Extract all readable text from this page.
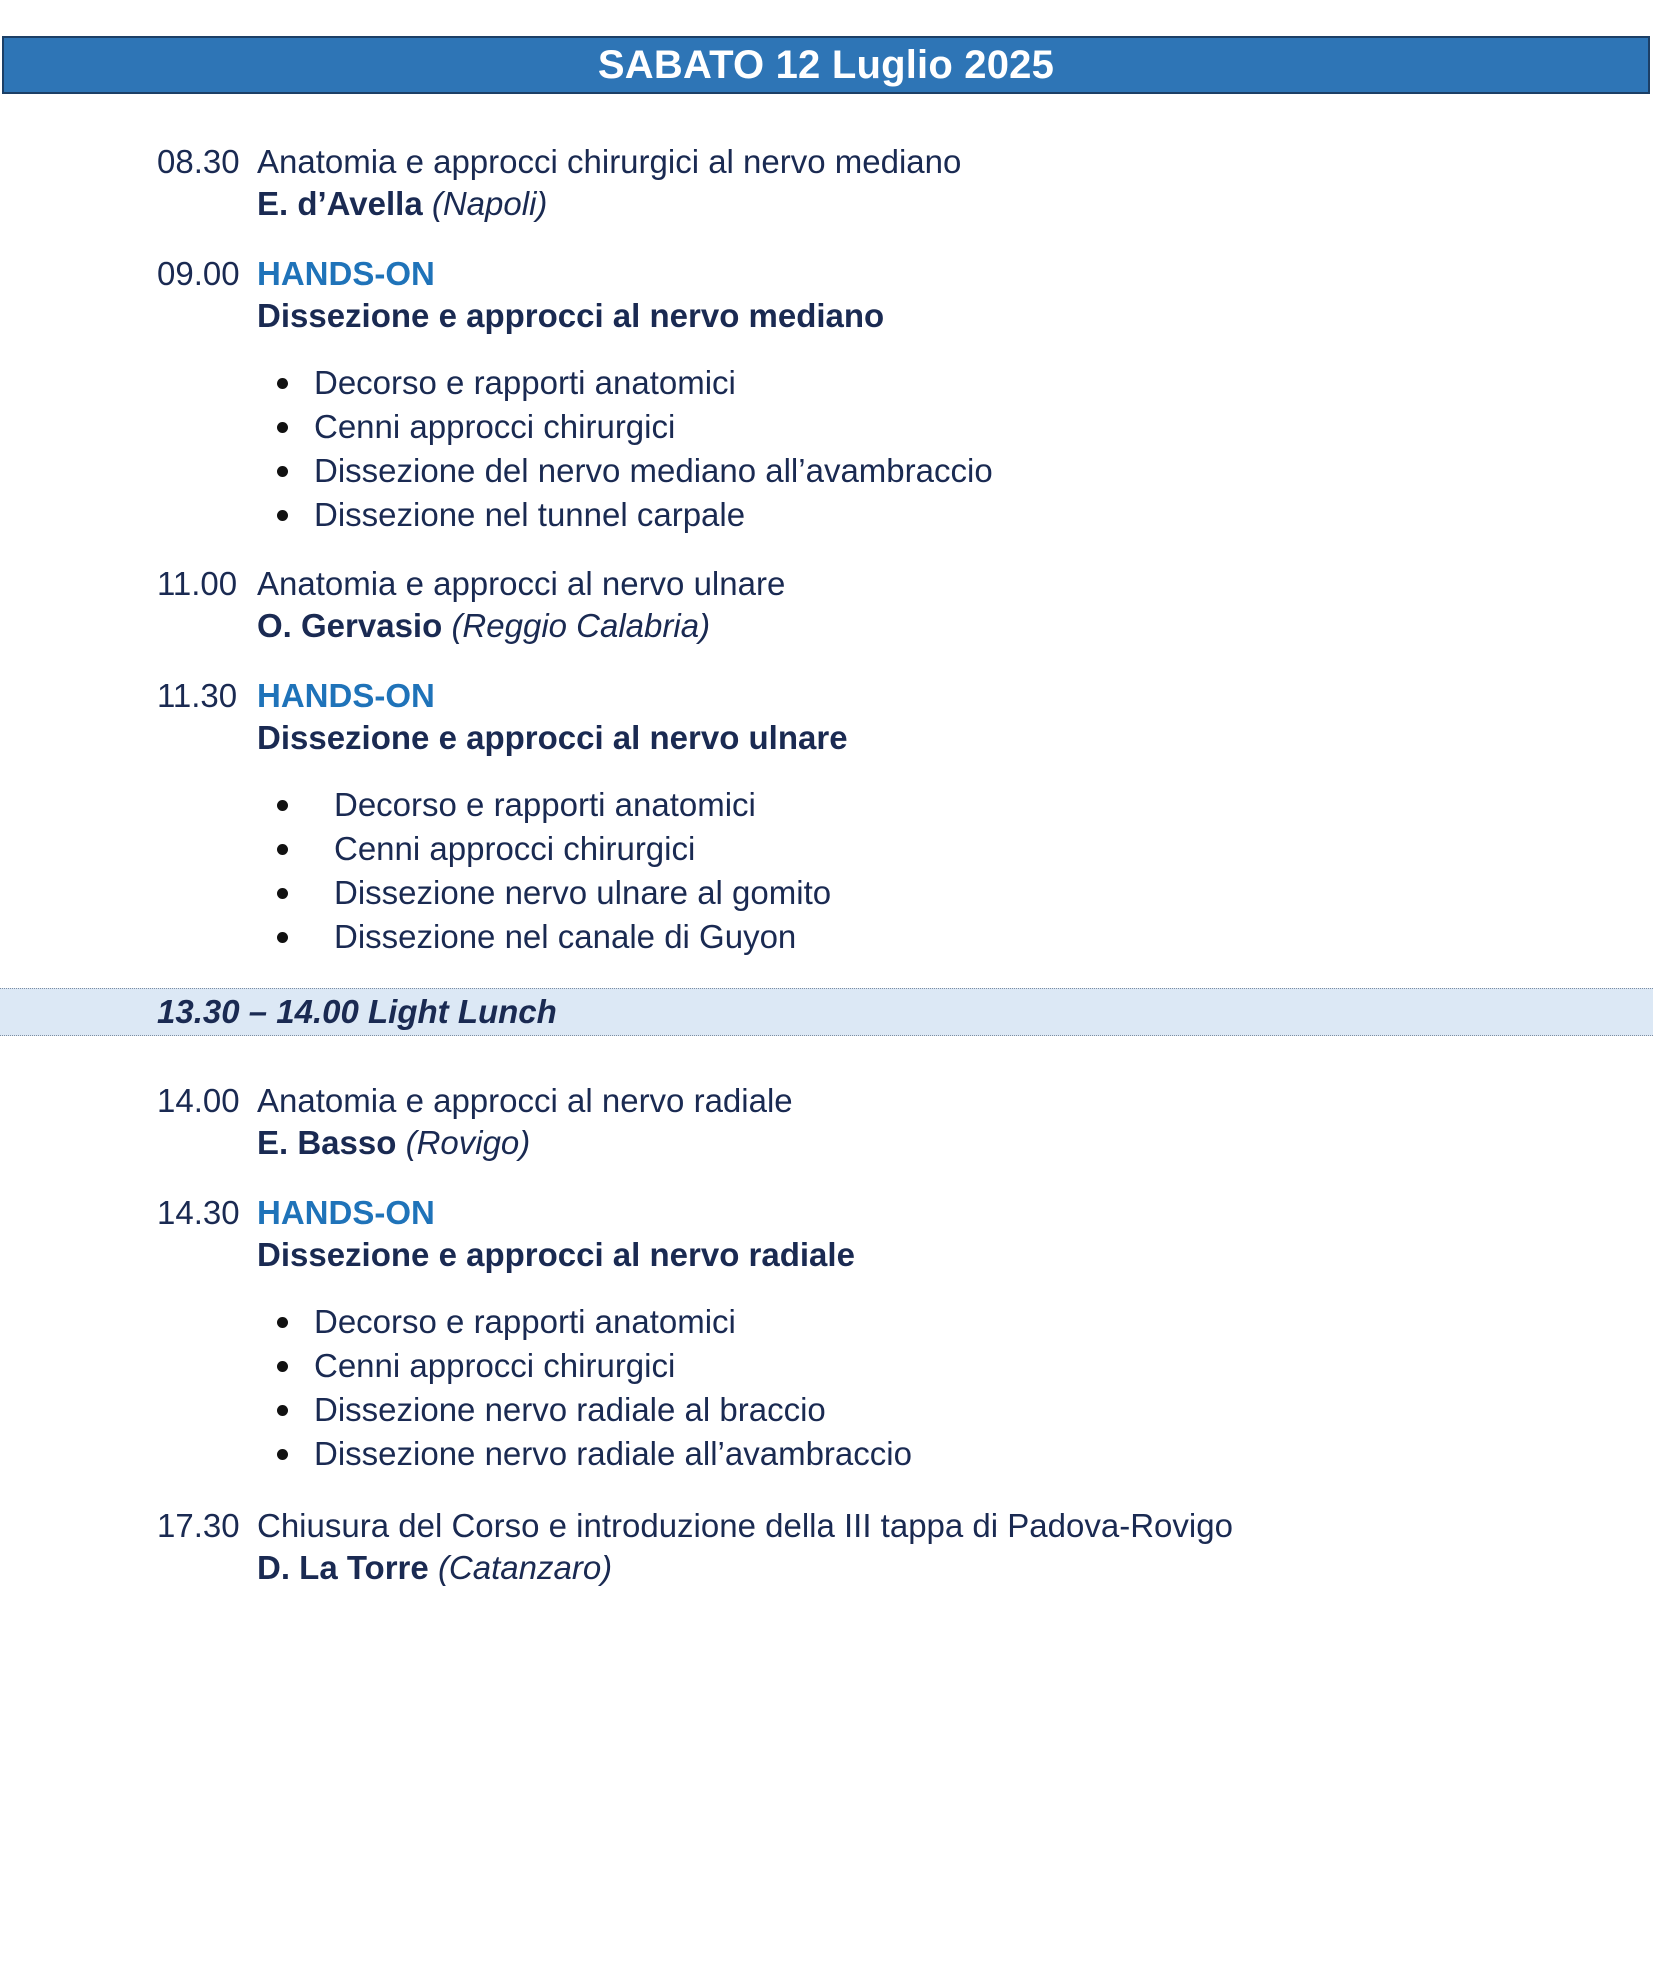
SABATO 12 Luglio 2025
08.30 Anatomia e approcci chirurgici al nervo mediano
E. d’Avella (Napoli)
09.00 HANDS-ON
Dissezione e approcci al nervo mediano
Decorso e rapporti anatomici
Cenni approcci chirurgici
Dissezione del nervo mediano all’avambraccio
Dissezione nel tunnel carpale
11.00 Anatomia e approcci al nervo ulnare
O. Gervasio (Reggio Calabria)
11.30 HANDS-ON
Dissezione e approcci al nervo ulnare
Decorso e rapporti anatomici
Cenni approcci chirurgici
Dissezione nervo ulnare al gomito
Dissezione nel canale di Guyon
13.30 – 14.00 Light Lunch
14.00 Anatomia e approcci al nervo radiale
E. Basso (Rovigo)
14.30 HANDS-ON
Dissezione e approcci al nervo radiale
Decorso e rapporti anatomici
Cenni approcci chirurgici
Dissezione nervo radiale al braccio
Dissezione nervo radiale all’avambraccio
17.30 Chiusura del Corso e introduzione della III tappa di Padova-Rovigo
D. La Torre (Catanzaro)
